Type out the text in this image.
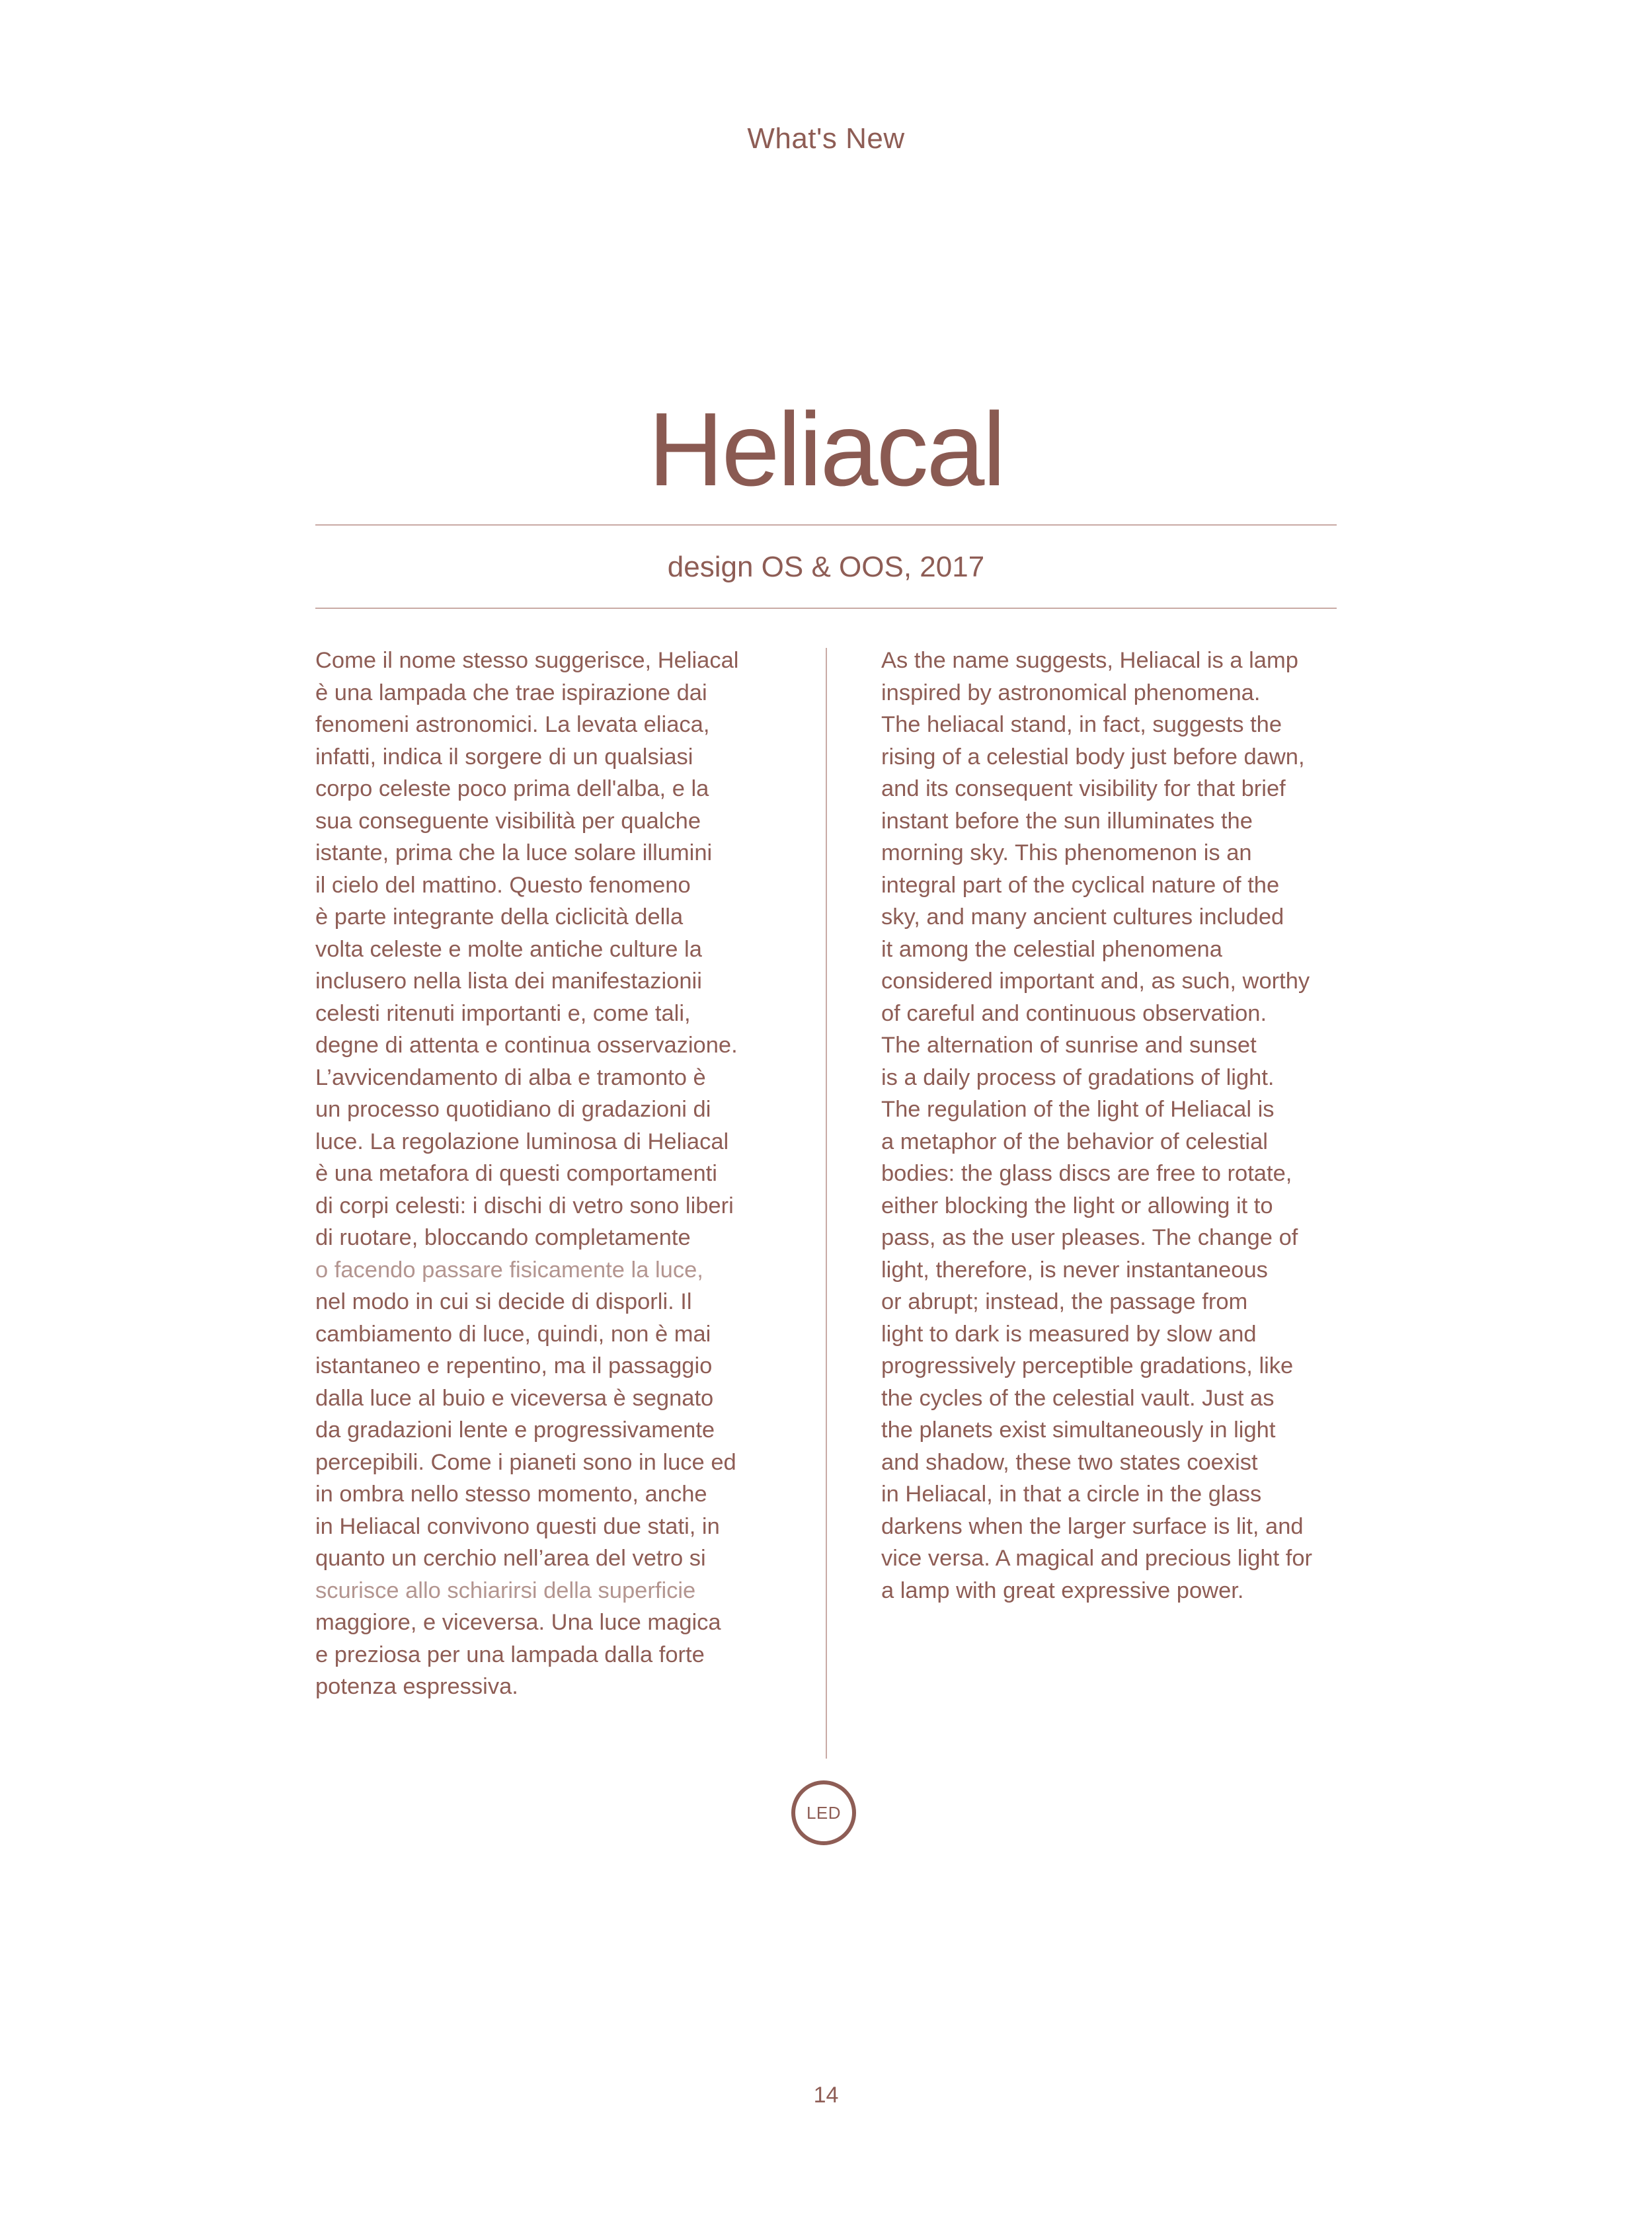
What's New
Heliacal
design OS & OOS, 2017
Come il nome stesso suggerisce, Heliacal
è una lampada che trae ispirazione dai
fenomeni astronomici. La levata eliaca,
infatti, indica il sorgere di un qualsiasi
corpo celeste poco prima dell'alba, e la
sua conseguente visibilità per qualche
istante, prima che la luce solare illumini
il cielo del mattino. Questo fenomeno
è parte integrante della ciclicità della
volta celeste e molte antiche culture la
inclusero nella lista dei manifestazionii
celesti ritenuti importanti e, come tali,
degne di attenta e continua osservazione.
L’avvicendamento di alba e tramonto è
un processo quotidiano di gradazioni di
luce. La regolazione luminosa di Heliacal
è una metafora di questi comportamenti
di corpi celesti: i dischi di vetro sono liberi
di ruotare, bloccando completamente
o facendo passare fisicamente la luce,
nel modo in cui si decide di disporli. Il
cambiamento di luce, quindi, non è mai
istantaneo e repentino, ma il passaggio
dalla luce al buio e viceversa è segnato
da gradazioni lente e progressivamente
percepibili. Come i pianeti sono in luce ed
in ombra nello stesso momento, anche
in Heliacal convivono questi due stati, in
quanto un cerchio nell’area del vetro si
scurisce allo schiarirsi della superficie
maggiore, e viceversa. Una luce magica
e preziosa per una lampada dalla forte
potenza espressiva.
As the name suggests, Heliacal is a lamp
inspired by astronomical phenomena.
The heliacal stand, in fact, suggests the
rising of a celestial body just before dawn,
and its consequent visibility for that brief
instant before the sun illuminates the
morning sky. This phenomenon is an
integral part of the cyclical nature of the
sky, and many ancient cultures included
it among the celestial phenomena
considered important and, as such, worthy
of careful and continuous observation.
The alternation of sunrise and sunset
is a daily process of gradations of light.
The regulation of the light of Heliacal is
a metaphor of the behavior of celestial
bodies: the glass discs are free to rotate,
either blocking the light or allowing it to
pass, as the user pleases. The change of
light, therefore, is never instantaneous
or abrupt; instead, the passage from
light to dark is measured by slow and
progressively perceptible gradations, like
the cycles of the celestial vault. Just as
the planets exist simultaneously in light
and shadow, these two states coexist
in Heliacal, in that a circle in the glass
darkens when the larger surface is lit, and
vice versa. A magical and precious light for
a lamp with great expressive power.
LED
14
